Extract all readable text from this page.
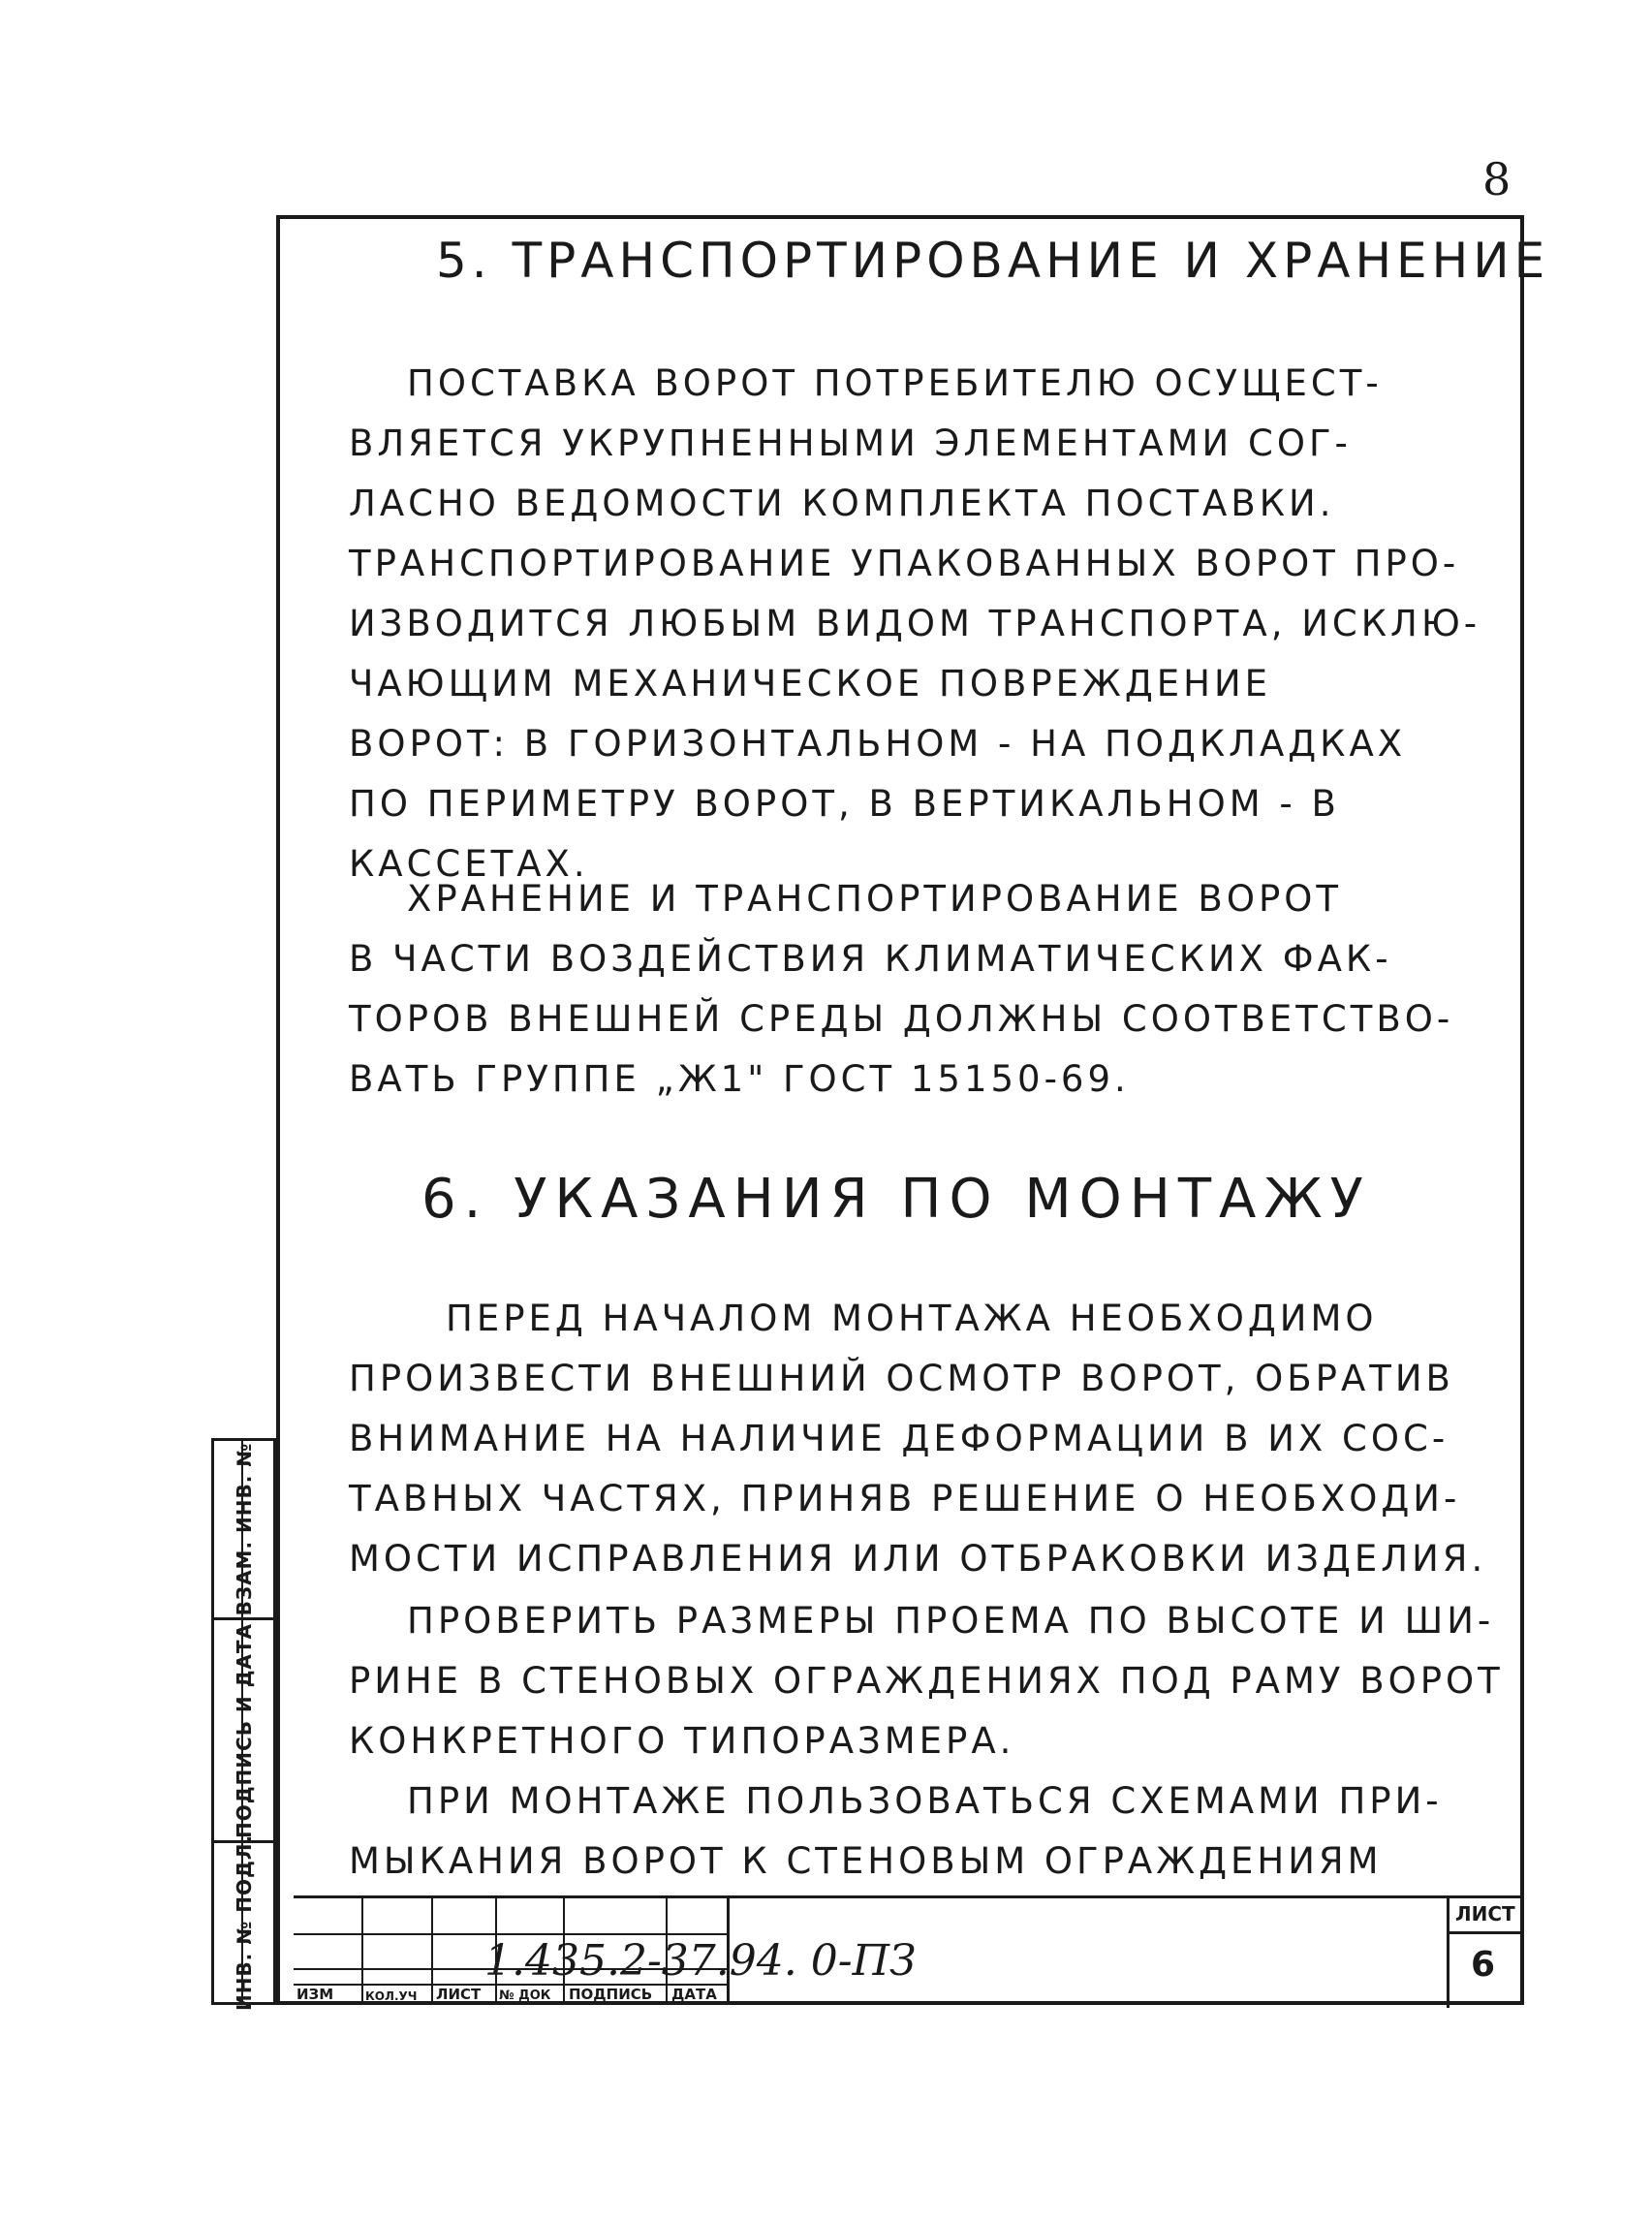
8
5. ТРАНСПОРТИРОВАНИЕ И ХРАНЕНИЕ
ПОСТАВКА ВОРОТ ПОТРЕБИТЕЛЮ ОСУЩЕСТ-
ВЛЯЕТСЯ УКРУПНЕННЫМИ ЭЛЕМЕНТАМИ СОГ-
ЛАСНО ВЕДОМОСТИ КОМПЛЕКТА ПОСТАВКИ.
ТРАНСПОРТИРОВАНИЕ УПАКОВАННЫХ ВОРОТ ПРО-
ИЗВОДИТСЯ ЛЮБЫМ ВИДОМ ТРАНСПОРТА, ИСКЛЮ-
ЧАЮЩИМ МЕХАНИЧЕСКОЕ ПОВРЕЖДЕНИЕ
ВОРОТ: В ГОРИЗОНТАЛЬНОМ - НА ПОДКЛАДКАХ
ПО ПЕРИМЕТРУ ВОРОТ, В ВЕРТИКАЛЬНОМ - В
КАССЕТАХ.
ХРАНЕНИЕ И ТРАНСПОРТИРОВАНИЕ ВОРОТ
В ЧАСТИ ВОЗДЕЙСТВИЯ КЛИМАТИЧЕСКИХ ФАК-
ТОРОВ ВНЕШНЕЙ СРЕДЫ ДОЛЖНЫ СООТВЕТСТВО-
ВАТЬ ГРУППЕ „Ж1" ГОСТ 15150-69.
6. УКАЗАНИЯ ПО МОНТАЖУ
ПЕРЕД НАЧАЛОМ МОНТАЖА НЕОБХОДИМО
ПРОИЗВЕСТИ ВНЕШНИЙ ОСМОТР ВОРОТ, ОБРАТИВ
ВНИМАНИЕ НА НАЛИЧИЕ ДЕФОРМАЦИИ В ИХ СОС-
ТАВНЫХ ЧАСТЯХ, ПРИНЯВ РЕШЕНИЕ О НЕОБХОДИ-
МОСТИ ИСПРАВЛЕНИЯ ИЛИ ОТБРАКОВКИ ИЗДЕЛИЯ.
ПРОВЕРИТЬ РАЗМЕРЫ ПРОЕМА ПО ВЫСОТЕ И ШИ-
РИНЕ В СТЕНОВЫХ ОГРАЖДЕНИЯХ ПОД РАМУ ВОРОТ
КОНКРЕТНОГО ТИПОРАЗМЕРА.
ПРИ МОНТАЖЕ ПОЛЬЗОВАТЬСЯ СХЕМАМИ ПРИ-
МЫКАНИЯ ВОРОТ К СТЕНОВЫМ ОГРАЖДЕНИЯМ
ВЗАМ. ИНВ. №
ПОДПИСЬ И ДАТА
ИНВ. № ПОДЛ.	ИЗМ	КОЛ.УЧ ЛИСТ № ДОК ПОДПИСЬ ДАТА
ЛИСТ
6
1.435.2-37.94. 0-ПЗ
